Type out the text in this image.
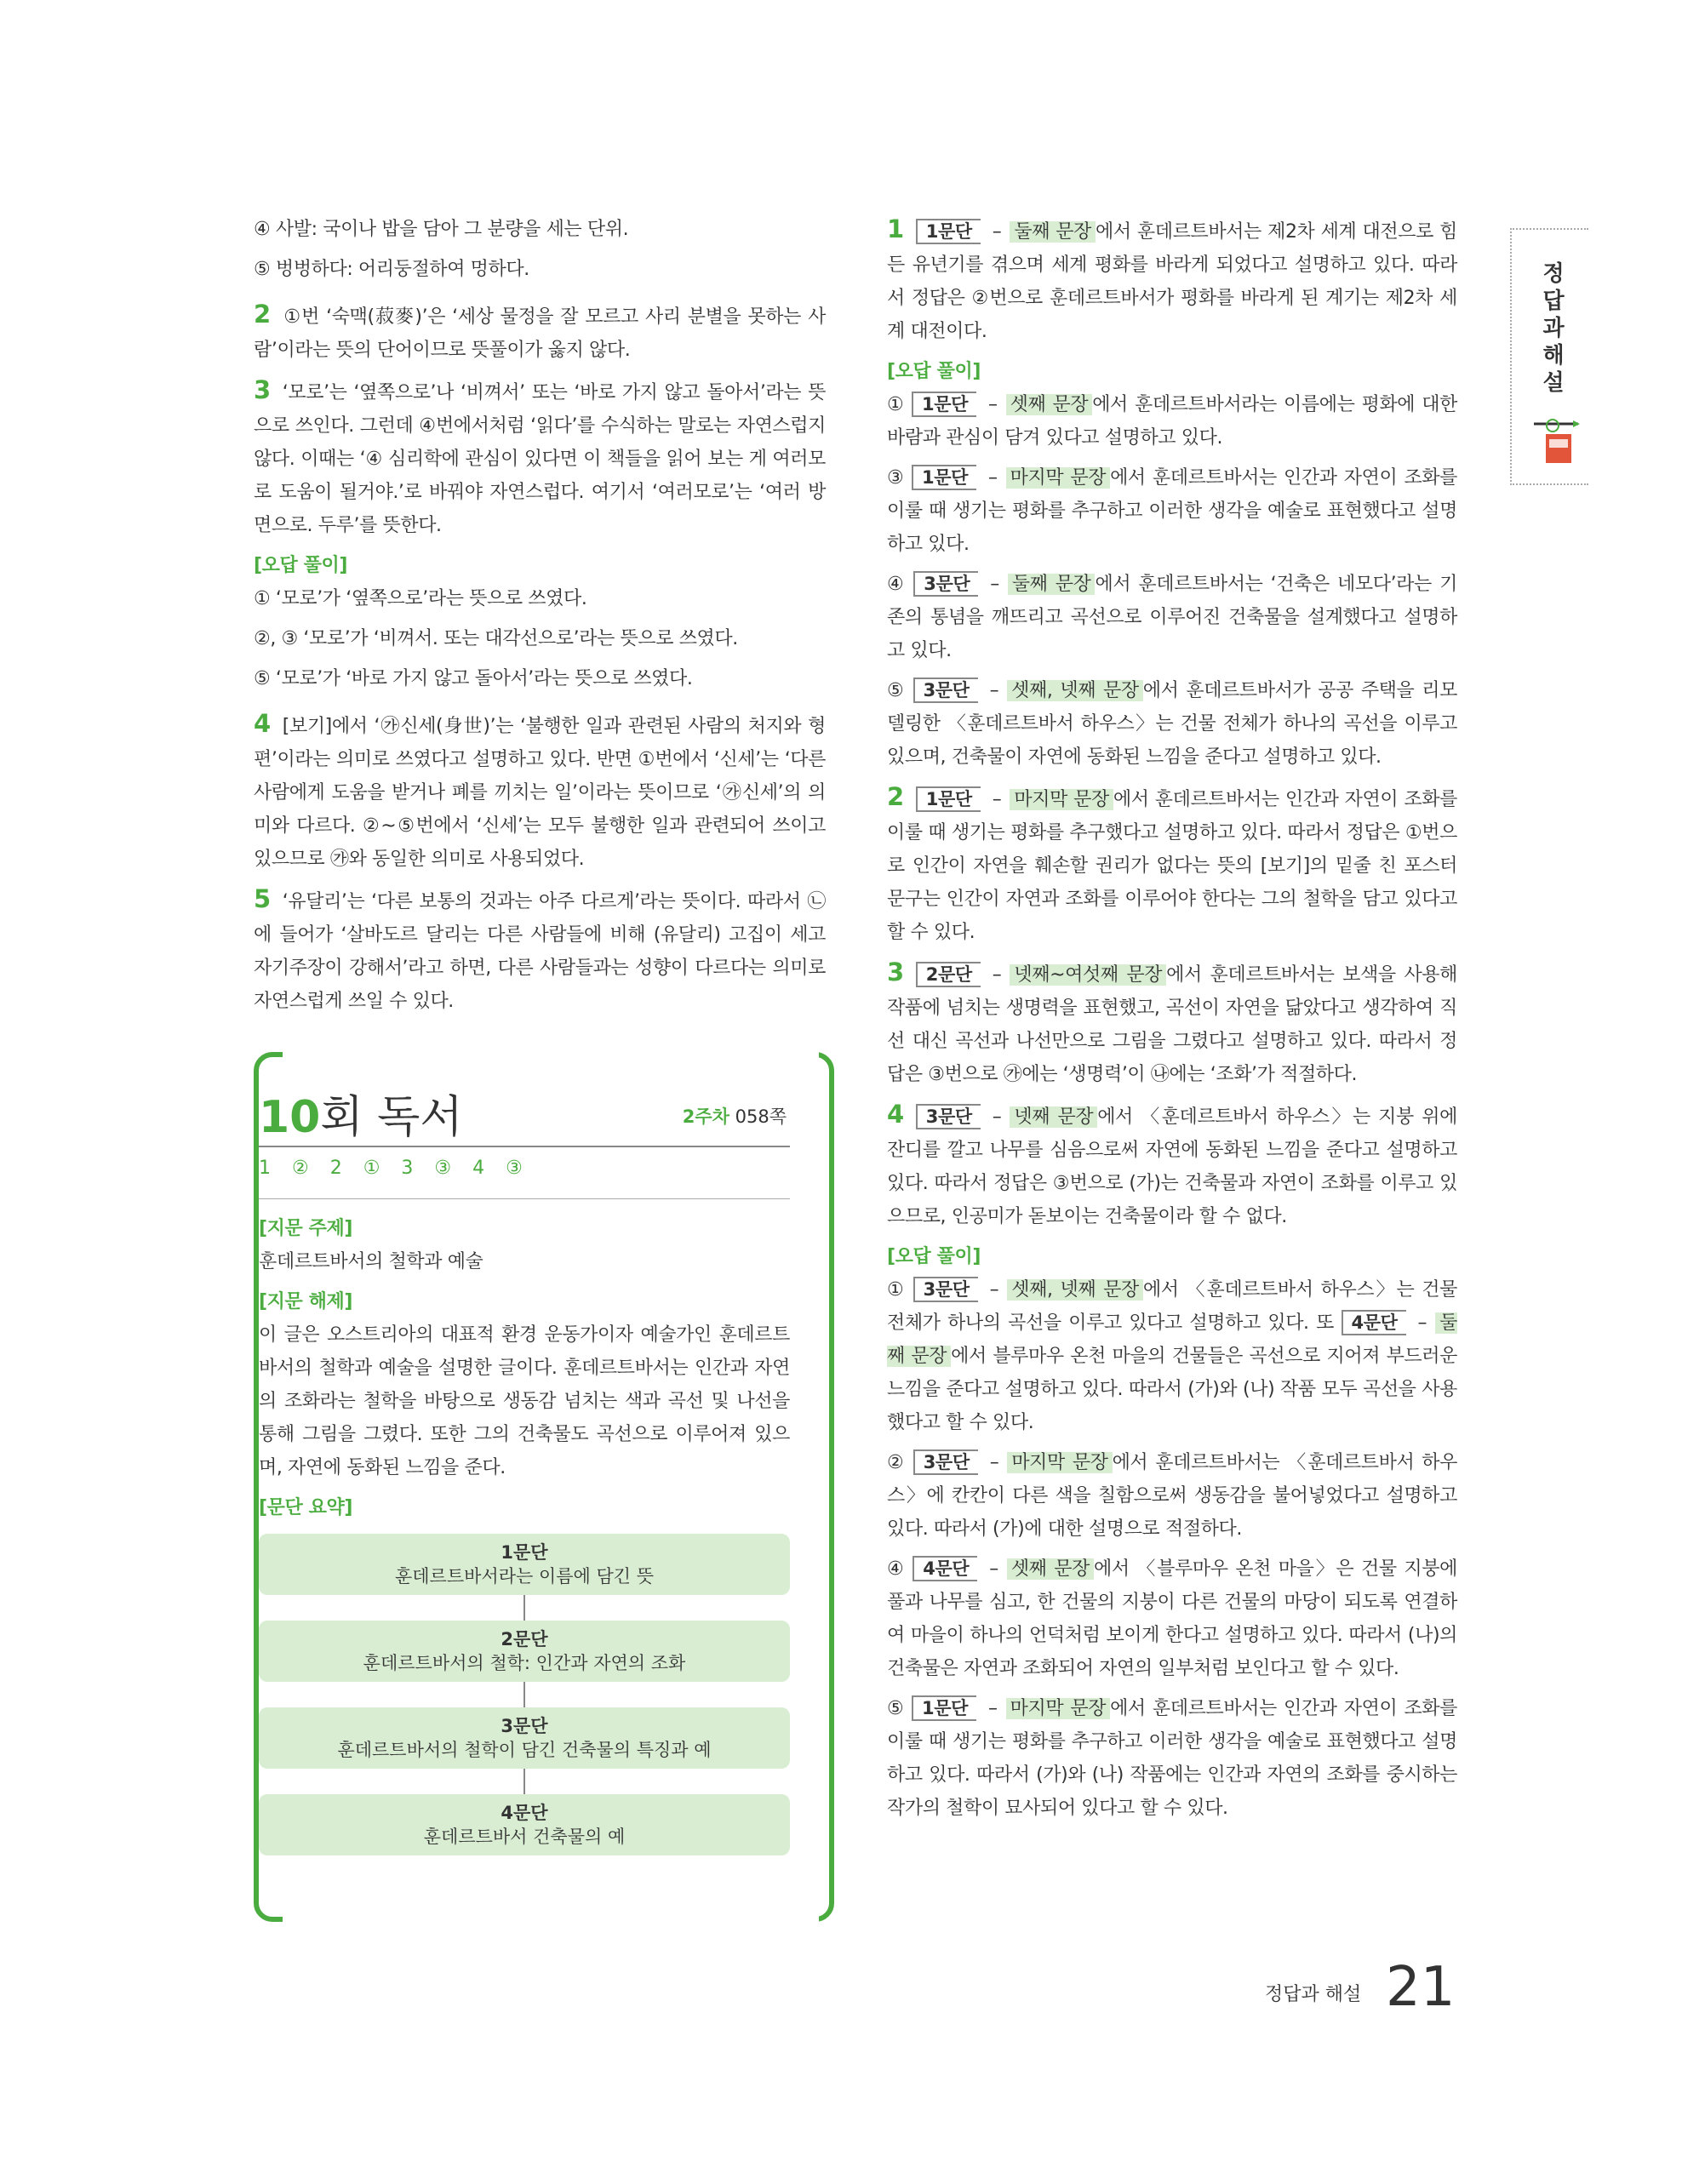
④ 사발: 국이나 밥을 담아 그 분량을 세는 단위.

⑤ 벙벙하다: 어리둥절하여 멍하다.

2 ①번 ‘숙맥(菽麥)’은 ‘세상 물정을 잘 모르고 사리 분별을 못하는 사람’이라는 뜻의 단어이므로 뜻풀이가 옳지 않다.

3 ‘모로’는 ‘옆쪽으로’나 ‘비껴서’ 또는 ‘바로 가지 않고 돌아서’라는 뜻으로 쓰인다. 그런데 ④번에서처럼 ‘읽다’를 수식하는 말로는 자연스럽지 않다. 이때는 ‘④ 심리학에 관심이 있다면 이 책들을 읽어 보는 게 여러모로 도움이 될거야.’로 바꿔야 자연스럽다. 여기서 ‘여러모로’는 ‘여러 방면으로. 두루’를 뜻한다.

[오답 풀이]

① ‘모로’가 ‘옆쪽으로’라는 뜻으로 쓰였다.

②, ③ ‘모로’가 ‘비껴서. 또는 대각선으로’라는 뜻으로 쓰였다.

⑤ ‘모로’가 ‘바로 가지 않고 돌아서’라는 뜻으로 쓰였다.

4 [보기]에서 ‘㉮신세(身世)’는 ‘불행한 일과 관련된 사람의 처지와 형편’이라는 의미로 쓰였다고 설명하고 있다. 반면 ①번에서 ‘신세’는 ‘다른 사람에게 도움을 받거나 폐를 끼치는 일’이라는 뜻이므로 ‘㉮신세’의 의미와 다르다. ②~⑤번에서 ‘신세’는 모두 불행한 일과 관련되어 쓰이고 있으므로 ㉮와 동일한 의미로 사용되었다.

5 ‘유달리’는 ‘다른 보통의 것과는 아주 다르게’라는 뜻이다. 따라서 ㉡에 들어가 ‘살바도르 달리는 다른 사람들에 비해 (유달리) 고집이 세고 자기주장이 강해서’라고 하면, 다른 사람들과는 성향이 다르다는 의미로 자연스럽게 쓰일 수 있다.

10회 독서	2주차 058쪽
1 ② 2 ① 3 ③ 4 ③

[지문 주제]

훈데르트바서의 철학과 예술

[지문 해제]

이 글은 오스트리아의 대표적 환경 운동가이자 예술가인 훈데르트바서의 철학과 예술을 설명한 글이다. 훈데르트바서는 인간과 자연의 조화라는 철학을 바탕으로 생동감 넘치는 색과 곡선 및 나선을 통해 그림을 그렸다. 또한 그의 건축물도 곡선으로 이루어져 있으며, 자연에 동화된 느낌을 준다.

[문단 요약]

1문단
훈데르트바서라는 이름에 담긴 뜻
2문단
훈데르트바서의 철학: 인간과 자연의 조화
3문단
훈데르트바서의 철학이 담긴 건축물의 특징과 예
4문단
훈데르트바서 건축물의 예

1 1문단 – 둘째 문장 에서 훈데르트바서는 제2차 세계 대전으로 힘든 유년기를 겪으며 세계 평화를 바라게 되었다고 설명하고 있다. 따라서 정답은 ②번으로 훈데르트바서가 평화를 바라게 된 계기는 제2차 세계 대전이다.

[오답 풀이]

① 1문단 – 셋째 문장 에서 훈데르트바서라는 이름에는 평화에 대한 바람과 관심이 담겨 있다고 설명하고 있다.

③ 1문단 – 마지막 문장 에서 훈데르트바서는 인간과 자연이 조화를 이룰 때 생기는 평화를 추구하고 이러한 생각을 예술로 표현했다고 설명하고 있다.

④ 3문단 – 둘째 문장 에서 훈데르트바서는 ‘건축은 네모다’라는 기존의 통념을 깨뜨리고 곡선으로 이루어진 건축물을 설계했다고 설명하고 있다.

⑤ 3문단 – 셋째, 넷째 문장 에서 훈데르트바서가 공공 주택을 리모델링한 〈훈데르트바서 하우스〉는 건물 전체가 하나의 곡선을 이루고 있으며, 건축물이 자연에 동화된 느낌을 준다고 설명하고 있다.

2 1문단 – 마지막 문장 에서 훈데르트바서는 인간과 자연이 조화를 이룰 때 생기는 평화를 추구했다고 설명하고 있다. 따라서 정답은 ①번으로 인간이 자연을 훼손할 권리가 없다는 뜻의 [보기]의 밑줄 친 포스터 문구는 인간이 자연과 조화를 이루어야 한다는 그의 철학을 담고 있다고 할 수 있다.

3 2문단 – 넷째~여섯째 문장 에서 훈데르트바서는 보색을 사용해 작품에 넘치는 생명력을 표현했고, 곡선이 자연을 닮았다고 생각하여 직선 대신 곡선과 나선만으로 그림을 그렸다고 설명하고 있다. 따라서 정답은 ③번으로 ㉮에는 ‘생명력’이 ㉯에는 ‘조화’가 적절하다.

4 3문단 – 넷째 문장 에서 〈훈데르트바서 하우스〉는 지붕 위에 잔디를 깔고 나무를 심음으로써 자연에 동화된 느낌을 준다고 설명하고 있다. 따라서 정답은 ③번으로 (가)는 건축물과 자연이 조화를 이루고 있으므로, 인공미가 돋보이는 건축물이라 할 수 없다.

[오답 풀이]

① 3문단 – 셋째, 넷째 문장 에서 〈훈데르트바서 하우스〉는 건물 전체가 하나의 곡선을 이루고 있다고 설명하고 있다. 또 4문단 – 둘째 문장 에서 블루마우 온천 마을의 건물들은 곡선으로 지어져 부드러운 느낌을 준다고 설명하고 있다. 따라서 (가)와 (나) 작품 모두 곡선을 사용했다고 할 수 있다.

② 3문단 – 마지막 문장 에서 훈데르트바서는 〈훈데르트바서 하우스〉에 칸칸이 다른 색을 칠함으로써 생동감을 불어넣었다고 설명하고 있다. 따라서 (가)에 대한 설명으로 적절하다.

④ 4문단 – 셋째 문장 에서 〈블루마우 온천 마을〉은 건물 지붕에 풀과 나무를 심고, 한 건물의 지붕이 다른 건물의 마당이 되도록 연결하여 마을이 하나의 언덕처럼 보이게 한다고 설명하고 있다. 따라서 (나)의 건축물은 자연과 조화되어 자연의 일부처럼 보인다고 할 수 있다.

⑤ 1문단 – 마지막 문장 에서 훈데르트바서는 인간과 자연이 조화를 이룰 때 생기는 평화를 추구하고 이러한 생각을 예술로 표현했다고 설명하고 있다. 따라서 (가)와 (나) 작품에는 인간과 자연의 조화를 중시하는 작가의 철학이 묘사되어 있다고 할 수 있다.

정
답
과
해
설
정답과 해설 21
